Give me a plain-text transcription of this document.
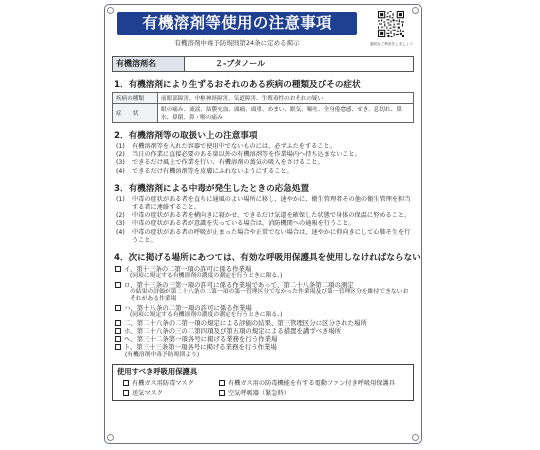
有機溶剤等使用の注意事項
有機溶剤中毒予防規則第24条に定める掲示	適切なご利用をしましょう
有機溶剤名	２-ブタノール
1．有機溶剤により生ずるおそれのある疾病の種類及びその症状
疾病の種類	前眼部障害、中枢神経障害、気道障害、生殖毒性のおそれの疑い
症　　状	眼の痛み、流涙、結膜充血、頭痛、頭重、めまい、眠気、嘔吐、全身倦怠感、せき、息切れ、鼻水、鼻閉、鼻・喉の痛み
2．有機溶剤等の取扱い上の注意事項
(1)	有機溶剤等を入れた容器で使用中でないものには、必ずふたをすること。
(2)	当日の作業に直接必要のある量以外の有機溶剤等を作業場内へ持ち込まないこと。
(3)	できるだけ風上で作業を行い、有機溶剤の蒸気の吸入をさけること。
(4)	できるだけ有機溶剤等を皮膚にふれないようにすること。
3．有機溶剤による中毒が発生したときの応急処置
(1)	中毒の症状がある者を直ちに通風のよい場所に移し、速やかに、衛生管理者その他の衛生管理を担当する者に連絡すること。
(2)	中毒の症状がある者を横向きに寝かせ、できるだけ気道を確保した状態で身体の保温に努めること。
(3)	中毒の症状がある者が意識を失っている場合は、消防機関への通報を行うこと。
(4)	中毒の症状がある者の呼吸が止まった場合や正常でない場合は、速やかに仰向きにして心肺そ生を行うこと。
4．次に掲げる場所にあつては、有効な呼吸用保護具を使用しなければならない
イ、第十三条の二第一項の許可に係る作業場
(同項に規定する有機溶剤の濃度の測定を行うときに限る。)
ロ、第十三条の三第一項の許可に係る作業場であって、第二十八条第二項の測定
の結果の評価が第二十八条の二第一項の第一管理区分でなかった作業場及び第一管理区分を維持できないおそれがある作業場
ハ、第十八条の二第一項の許可に係る作業場
(同項に規定する有機溶剤の濃度の測定を行うときに限る。)
二、第二十八条の二第一項の規定による評価の結果、第三管理区分に区分された場所
ホ、第二十八条の三の二第四項及び第五項の規定による措置を講ずべき場所
ヘ、第三十二条第一項各号に掲げる業務を行う作業場
ト、第三十三条第一項各号に掲げる業務を行う作業場
(有機溶剤中毒予防規則より)
使用すべき呼吸用保護具
有機ガス用防毒マスク	有機ガス用の防毒機能を有する電動ファン付き呼吸用保護具
送気マスク	空気呼吸器（緊急時）
